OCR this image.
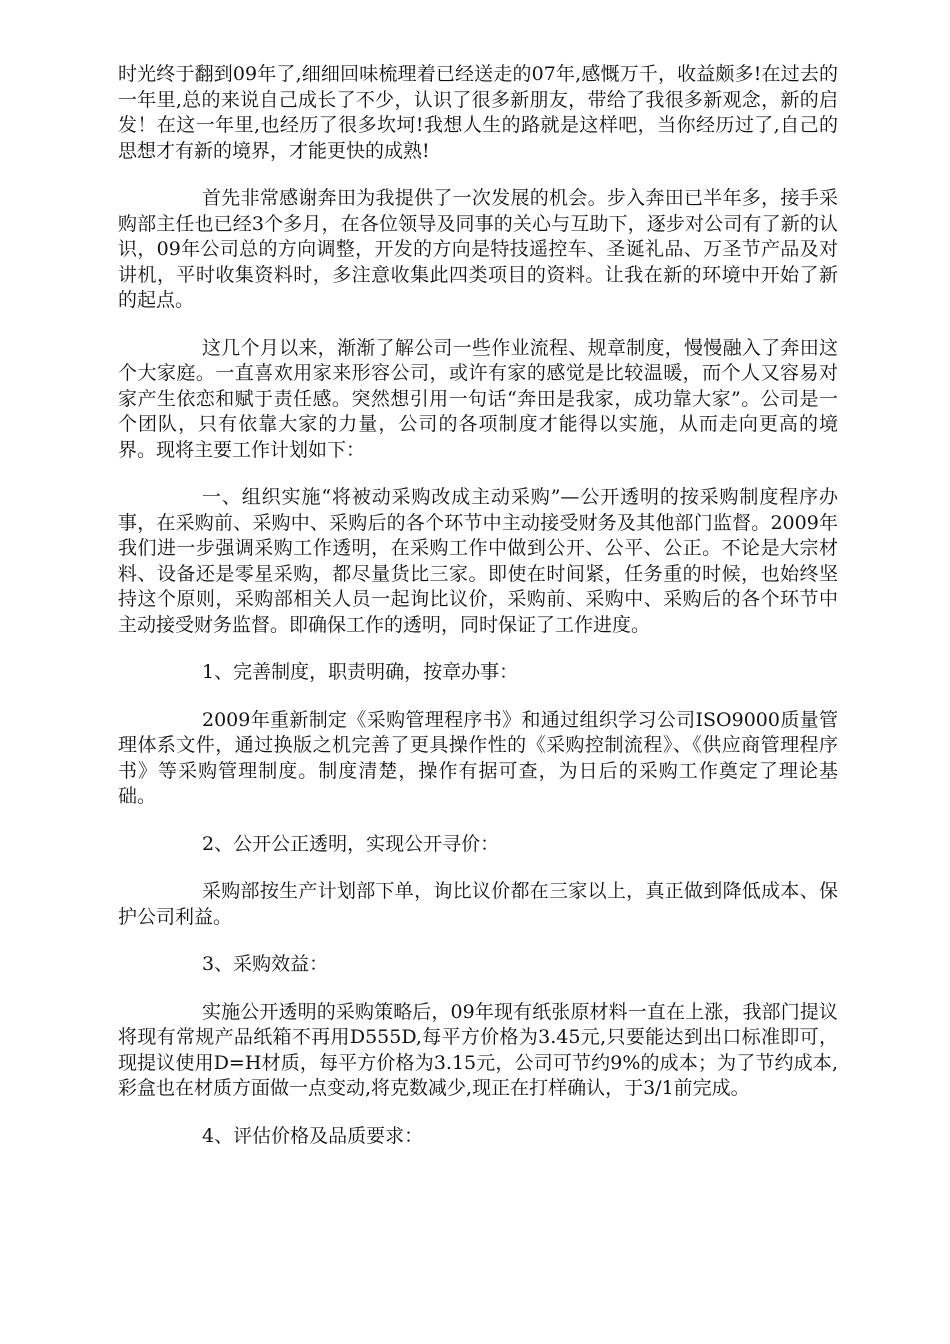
时光终于翻到09年了,细细回味梳理着已经送走的07年,感慨万千，收益颇多!在过去的一年里,总的来说自己成长了不少，认识了很多新朋友，带给了我很多新观念，新的启发！在这一年里,也经历了很多坎坷!我想人生的路就是这样吧，当你经历过了,自己的思想才有新的境界，才能更快的成熟!

首先非常感谢奔田为我提供了一次发展的机会。步入奔田已半年多，接手采购部主任也已经3个多月，在各位领导及同事的关心与互助下，逐步对公司有了新的认识，09年公司总的方向调整，开发的方向是特技遥控车、圣诞礼品、万圣节产品及对讲机，平时收集资料时，多注意收集此四类项目的资料。让我在新的环境中开始了新的起点。

这几个月以来，渐渐了解公司一些作业流程、规章制度，慢慢融入了奔田这个大家庭。一直喜欢用家来形容公司，或许有家的感觉是比较温暖，而个人又容易对家产生依恋和赋于责任感。突然想引用一句话“奔田是我家，成功靠大家”。公司是一个团队，只有依靠大家的力量，公司的各项制度才能得以实施，从而走向更高的境界。现将主要工作计划如下：

一、组织实施“将被动采购改成主动采购”—公开透明的按采购制度程序办事，在采购前、采购中、采购后的各个环节中主动接受财务及其他部门监督。2009年我们进一步强调采购工作透明，在采购工作中做到公开、公平、公正。不论是大宗材料、设备还是零星采购，都尽量货比三家。即使在时间紧，任务重的时候，也始终坚持这个原则，采购部相关人员一起询比议价，采购前、采购中、采购后的各个环节中主动接受财务监督。即确保工作的透明，同时保证了工作进度。

1、完善制度，职责明确，按章办事：

2009年重新制定《采购管理程序书》和通过组织学习公司ISO9000质量管理体系文件，通过换版之机完善了更具操作性的《采购控制流程》、《供应商管理程序书》等采购管理制度。制度清楚，操作有据可查，为日后的采购工作奠定了理论基础。

2、公开公正透明，实现公开寻价：

采购部按生产计划部下单，询比议价都在三家以上，真正做到降低成本、保护公司利益。

3、采购效益：

实施公开透明的采购策略后，09年现有纸张原材料一直在上涨，我部门提议将现有常规产品纸箱不再用D555D,每平方价格为3.45元,只要能达到出口标准即可，现提议使用D=H材质，每平方价格为3.15元，公司可节约9%的成本；为了节约成本,彩盒也在材质方面做一点变动,将克数减少,现正在打样确认，于3/1前完成。

4、评估价格及品质要求：
